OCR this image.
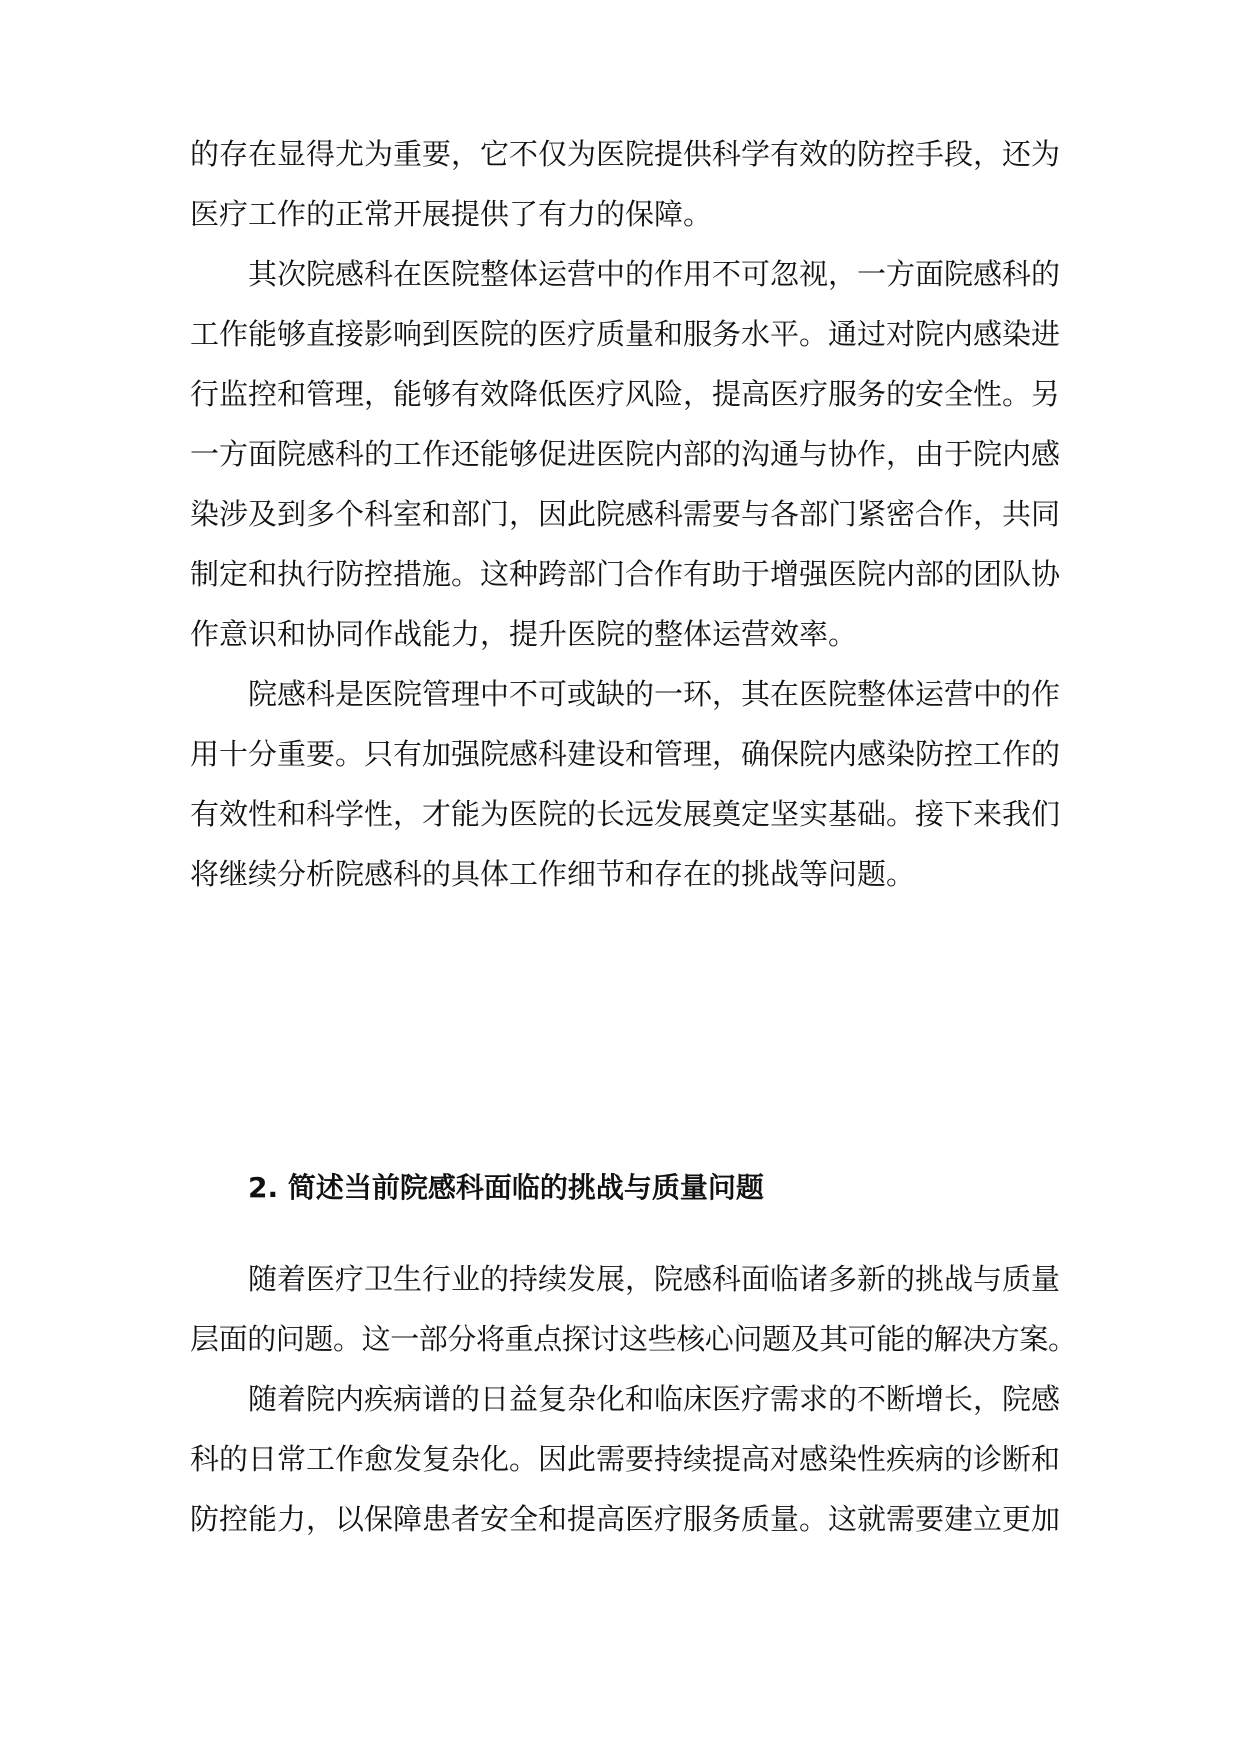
的存在显得尤为重要，它不仅为医院提供科学有效的防控手段，还为
医疗工作的正常开展提供了有力的保障。
其次院感科在医院整体运营中的作用不可忽视，一方面院感科的
工作能够直接影响到医院的医疗质量和服务水平。通过对院内感染进
行监控和管理，能够有效降低医疗风险，提高医疗服务的安全性。另
一方面院感科的工作还能够促进医院内部的沟通与协作，由于院内感
染涉及到多个科室和部门，因此院感科需要与各部门紧密合作，共同
制定和执行防控措施。这种跨部门合作有助于增强医院内部的团队协
作意识和协同作战能力，提升医院的整体运营效率。
院感科是医院管理中不可或缺的一环，其在医院整体运营中的作
用十分重要。只有加强院感科建设和管理，确保院内感染防控工作的
有效性和科学性，才能为医院的长远发展奠定坚实基础。接下来我们
将继续分析院感科的具体工作细节和存在的挑战等问题。
2. 简述当前院感科面临的挑战与质量问题
随着医疗卫生行业的持续发展，院感科面临诸多新的挑战与质量
层面的问题。这一部分将重点探讨这些核心问题及其可能的解决方案。
随着院内疾病谱的日益复杂化和临床医疗需求的不断增长，院感
科的日常工作愈发复杂化。因此需要持续提高对感染性疾病的诊断和
防控能力，以保障患者安全和提高医疗服务质量。这就需要建立更加
